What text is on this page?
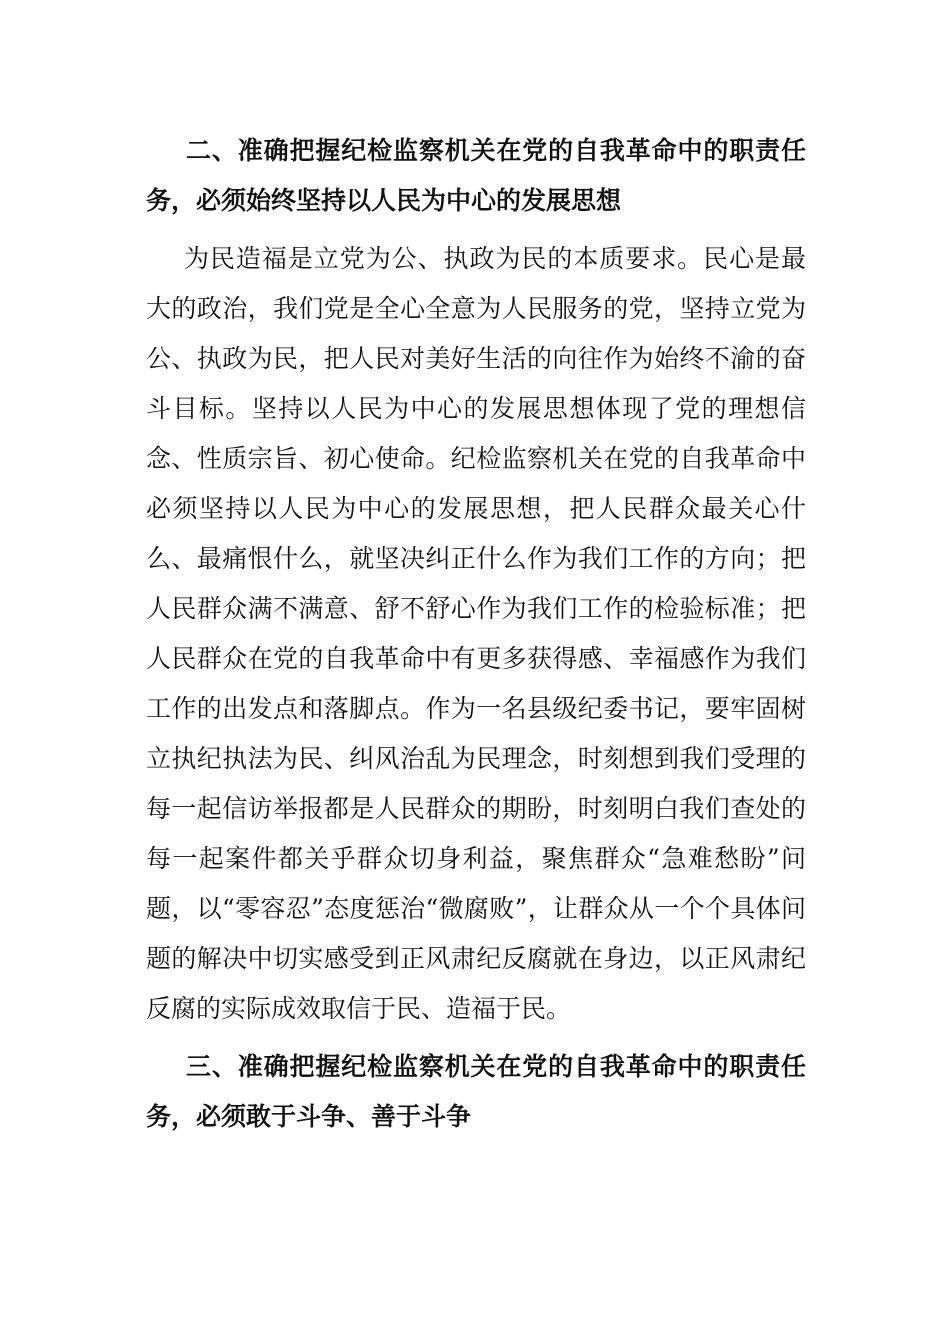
二、准确把握纪检监察机关在党的自我革命中的职责任务，必须始终坚持以人民为中心的发展思想

为民造福是立党为公、执政为民的本质要求。民心是最大的政治，我们党是全心全意为人民服务的党，坚持立党为公、执政为民，把人民对美好生活的向往作为始终不渝的奋斗目标。坚持以人民为中心的发展思想体现了党的理想信念、性质宗旨、初心使命。纪检监察机关在党的自我革命中必须坚持以人民为中心的发展思想，把人民群众最关心什么、最痛恨什么，就坚决纠正什么作为我们工作的方向；把人民群众满不满意、舒不舒心作为我们工作的检验标准；把人民群众在党的自我革命中有更多获得感、幸福感作为我们工作的出发点和落脚点。作为一名县级纪委书记，要牢固树立执纪执法为民、纠风治乱为民理念，时刻想到我们受理的每一起信访举报都是人民群众的期盼，时刻明白我们查处的每一起案件都关乎群众切身利益，聚焦群众“急难愁盼”问题，以“零容忍”态度惩治“微腐败”，让群众从一个个具体问题的解决中切实感受到正风肃纪反腐就在身边，以正风肃纪反腐的实际成效取信于民、造福于民。

三、准确把握纪检监察机关在党的自我革命中的职责任务，必须敢于斗争、善于斗争
